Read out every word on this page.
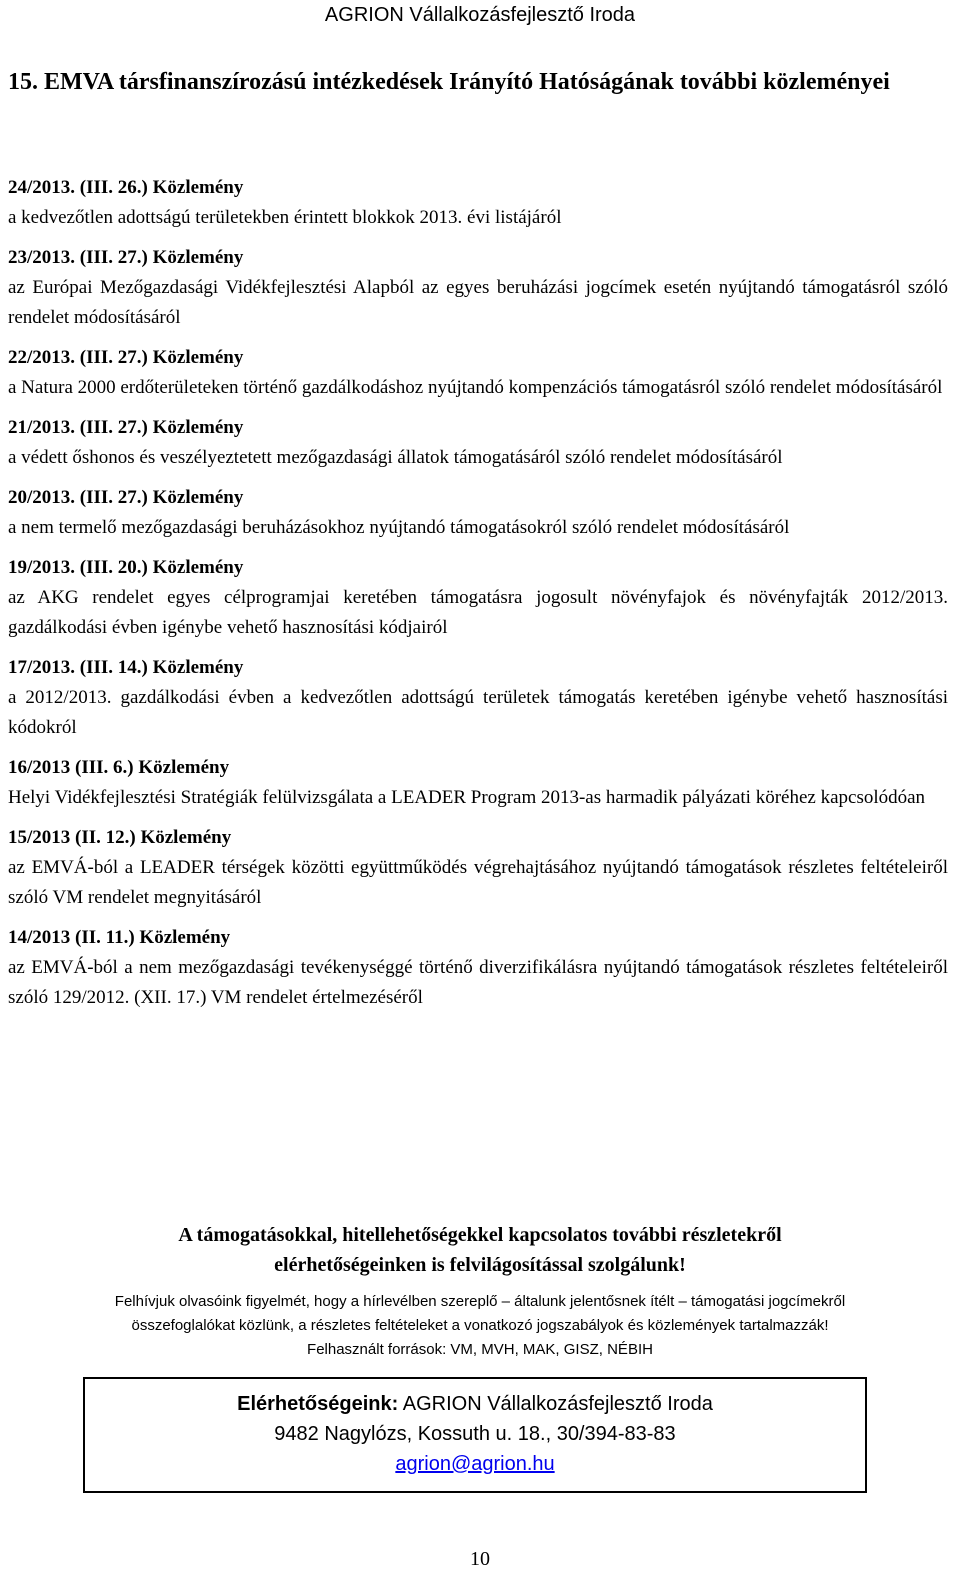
AGRION Vállalkozásfejlesztő Iroda
15. EMVA társfinanszírozású intézkedések Irányító Hatóságának további közleményei
24/2013. (III. 26.) Közlemény
a kedvezőtlen adottságú területekben érintett blokkok 2013. évi listájáról
23/2013. (III. 27.) Közlemény
az Európai Mezőgazdasági Vidékfejlesztési Alapból az egyes beruházási jogcímek esetén nyújtandó támogatásról szóló rendelet módosításáról
22/2013. (III. 27.) Közlemény
a Natura 2000 erdőterületeken történő gazdálkodáshoz nyújtandó kompenzációs támogatásról szóló rendelet módosításáról
21/2013. (III. 27.) Közlemény
a védett őshonos és veszélyeztetett mezőgazdasági állatok támogatásáról szóló rendelet módosításáról
20/2013. (III. 27.) Közlemény
a nem termelő mezőgazdasági beruházásokhoz nyújtandó támogatásokról szóló rendelet módosításáról
19/2013. (III. 20.) Közlemény
az AKG rendelet egyes célprogramjai keretében támogatásra jogosult növényfajok és növényfajták 2012/2013. gazdálkodási évben igénybe vehető hasznosítási kódjairól
17/2013. (III. 14.) Közlemény
a 2012/2013. gazdálkodási évben a kedvezőtlen adottságú területek támogatás keretében igénybe vehető hasznosítási kódokról
16/2013 (III. 6.) Közlemény
Helyi Vidékfejlesztési Stratégiák felülvizsgálata a LEADER Program 2013-as harmadik pályázati köréhez kapcsolódóan
15/2013 (II. 12.) Közlemény
az EMVÁ-ból a LEADER térségek közötti együttműködés végrehajtásához nyújtandó támogatások részletes feltételeiről szóló VM rendelet megnyitásáról
14/2013 (II. 11.) Közlemény
az EMVÁ-ból a nem mezőgazdasági tevékenységgé történő diverzifikálásra nyújtandó támogatások részletes feltételeiről szóló 129/2012. (XII. 17.) VM rendelet értelmezéséről
A támogatásokkal, hitellehetőségekkel kapcsolatos további részletekről
elérhetőségeinken is felvilágosítással szolgálunk!
Felhívjuk olvasóink figyelmét, hogy a hírlevélben szereplő – általunk jelentősnek ítélt – támogatási jogcímekről
összefoglalókat közlünk, a részletes feltételeket a vonatkozó jogszabályok és közlemények tartalmazzák!
Felhasznált források: VM, MVH, MAK, GISZ, NÉBIH
Elérhetőségeink: AGRION Vállalkozásfejlesztő Iroda
9482 Nagylózs, Kossuth u. 18., 30/394-83-83
agrion@agrion.hu
10
